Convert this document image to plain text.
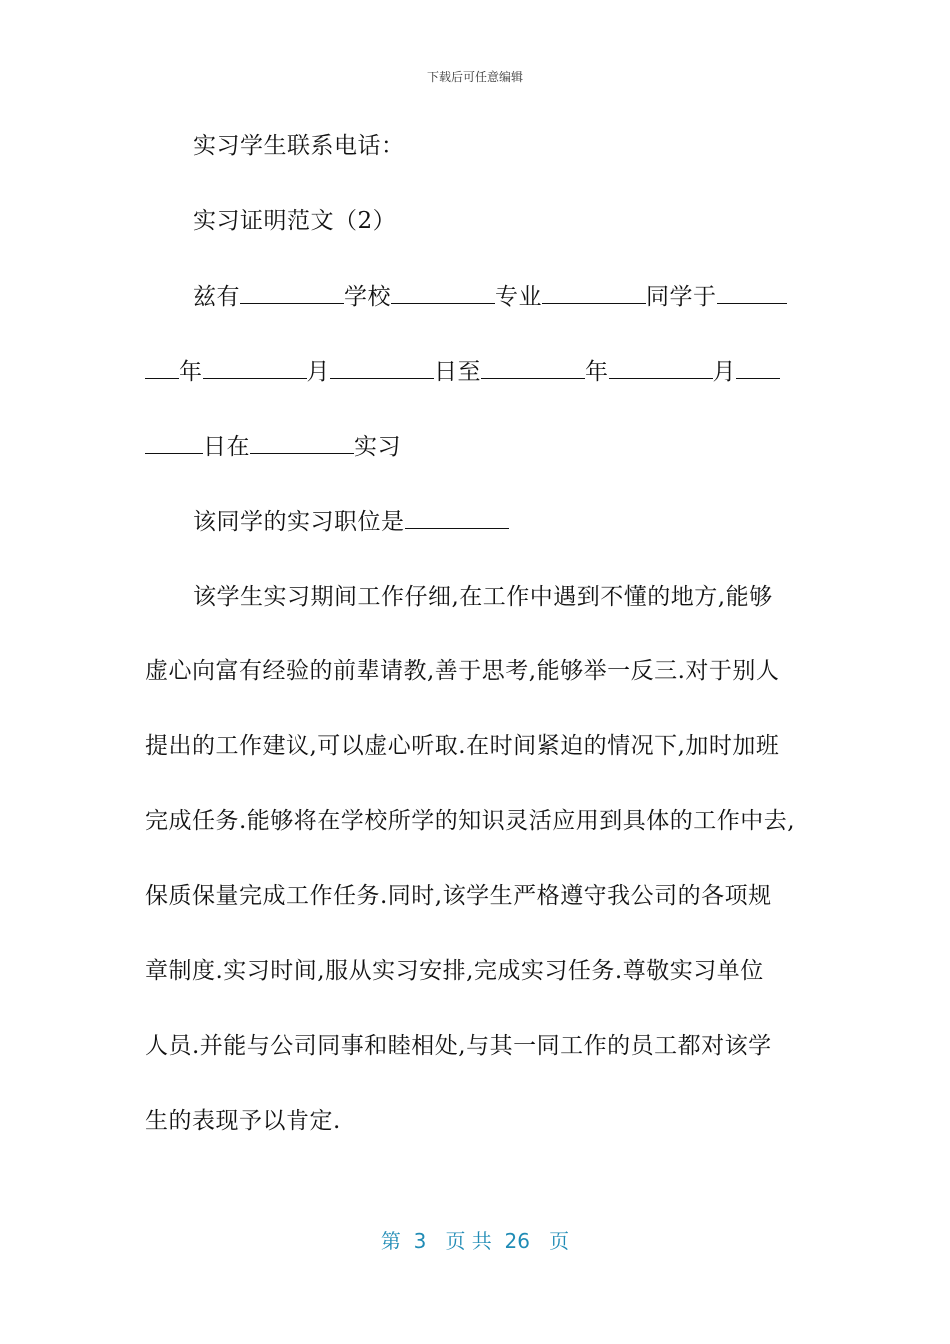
下载后可任意编辑
实习学生联系电话：
实习证明范文（2）
兹有	学校	专业	同学于
年	月	日至	年	月
日在	实习
该同学的实习职位是
该学生实习期间工作仔细,在工作中遇到不懂的地方,能够
虚心向富有经验的前辈请教,善于思考,能够举一反三.对于别人
提出的工作建议,可以虚心听取.在时间紧迫的情况下,加时加班
完成任务.能够将在学校所学的知识灵活应用到具体的工作中去,
保质保量完成工作任务.同时,该学生严格遵守我公司的各项规
章制度.实习时间,服从实习安排,完成实习任务.尊敬实习单位
人员.并能与公司同事和睦相处,与其一同工作的员工都对该学
生的表现予以肯定.
第 3 页 共 26 页
